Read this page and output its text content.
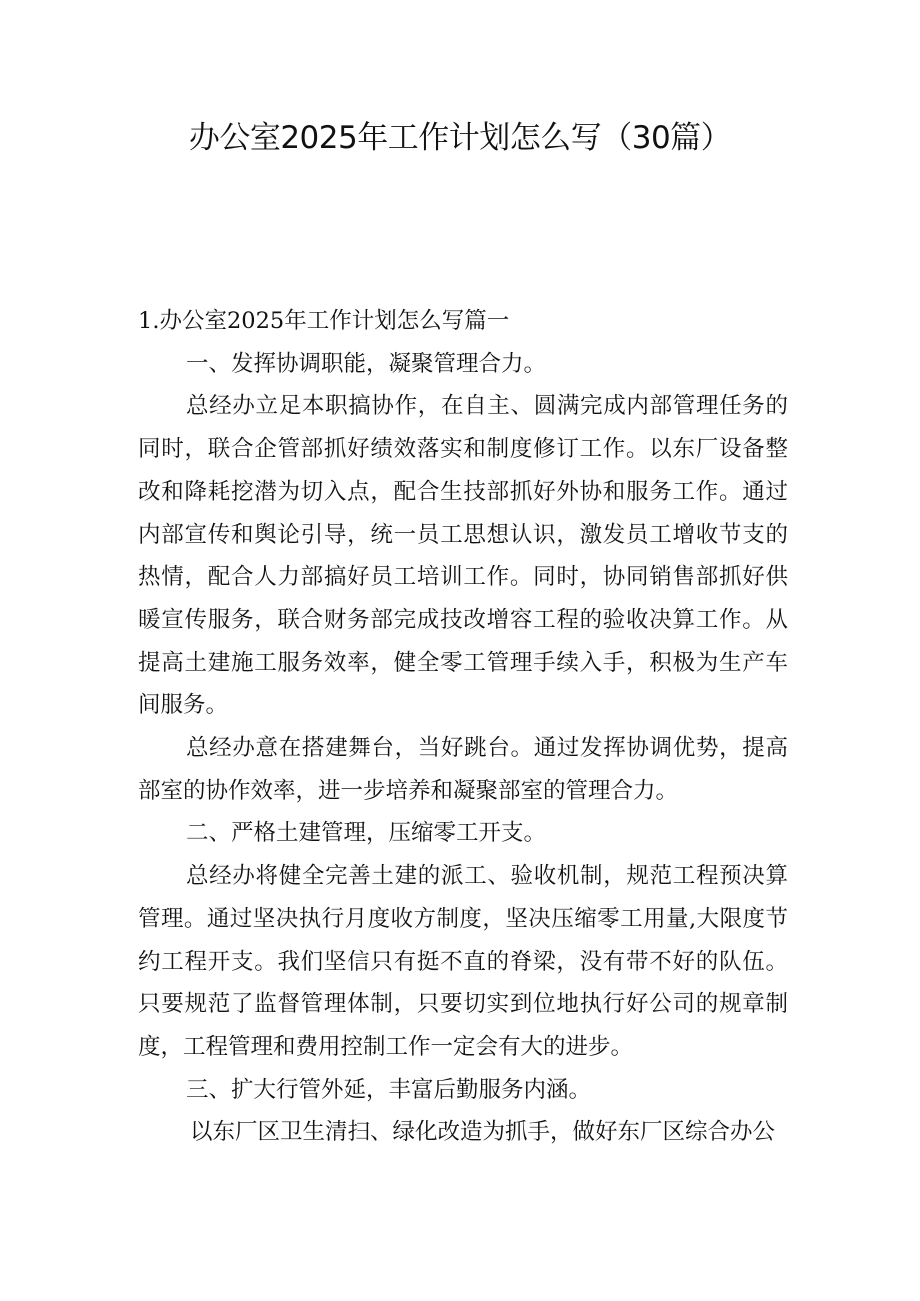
办公室2025年工作计划怎么写（30篇）

1.办公室2025年工作计划怎么写篇一

一、发挥协调职能，凝聚管理合力。

总经办立足本职搞协作，在自主、圆满完成内部管理任务的同时，联合企管部抓好绩效落实和制度修订工作。以东厂设备整改和降耗挖潜为切入点，配合生技部抓好外协和服务工作。通过内部宣传和舆论引导，统一员工思想认识，激发员工增收节支的热情，配合人力部搞好员工培训工作。同时，协同销售部抓好供暖宣传服务，联合财务部完成技改增容工程的验收决算工作。从提高土建施工服务效率，健全零工管理手续入手，积极为生产车间服务。

总经办意在搭建舞台，当好跳台。通过发挥协调优势，提高部室的协作效率，进一步培养和凝聚部室的管理合力。

二、严格土建管理，压缩零工开支。

总经办将健全完善土建的派工、验收机制，规范工程预决算管理。通过坚决执行月度收方制度，坚决压缩零工用量,大限度节约工程开支。我们坚信只有挺不直的脊梁，没有带不好的队伍。只要规范了监督管理体制，只要切实到位地执行好公司的规章制度，工程管理和费用控制工作一定会有大的进步。

三、扩大行管外延，丰富后勤服务内涵。

以东厂区卫生清扫、绿化改造为抓手，做好东厂区综合办公
